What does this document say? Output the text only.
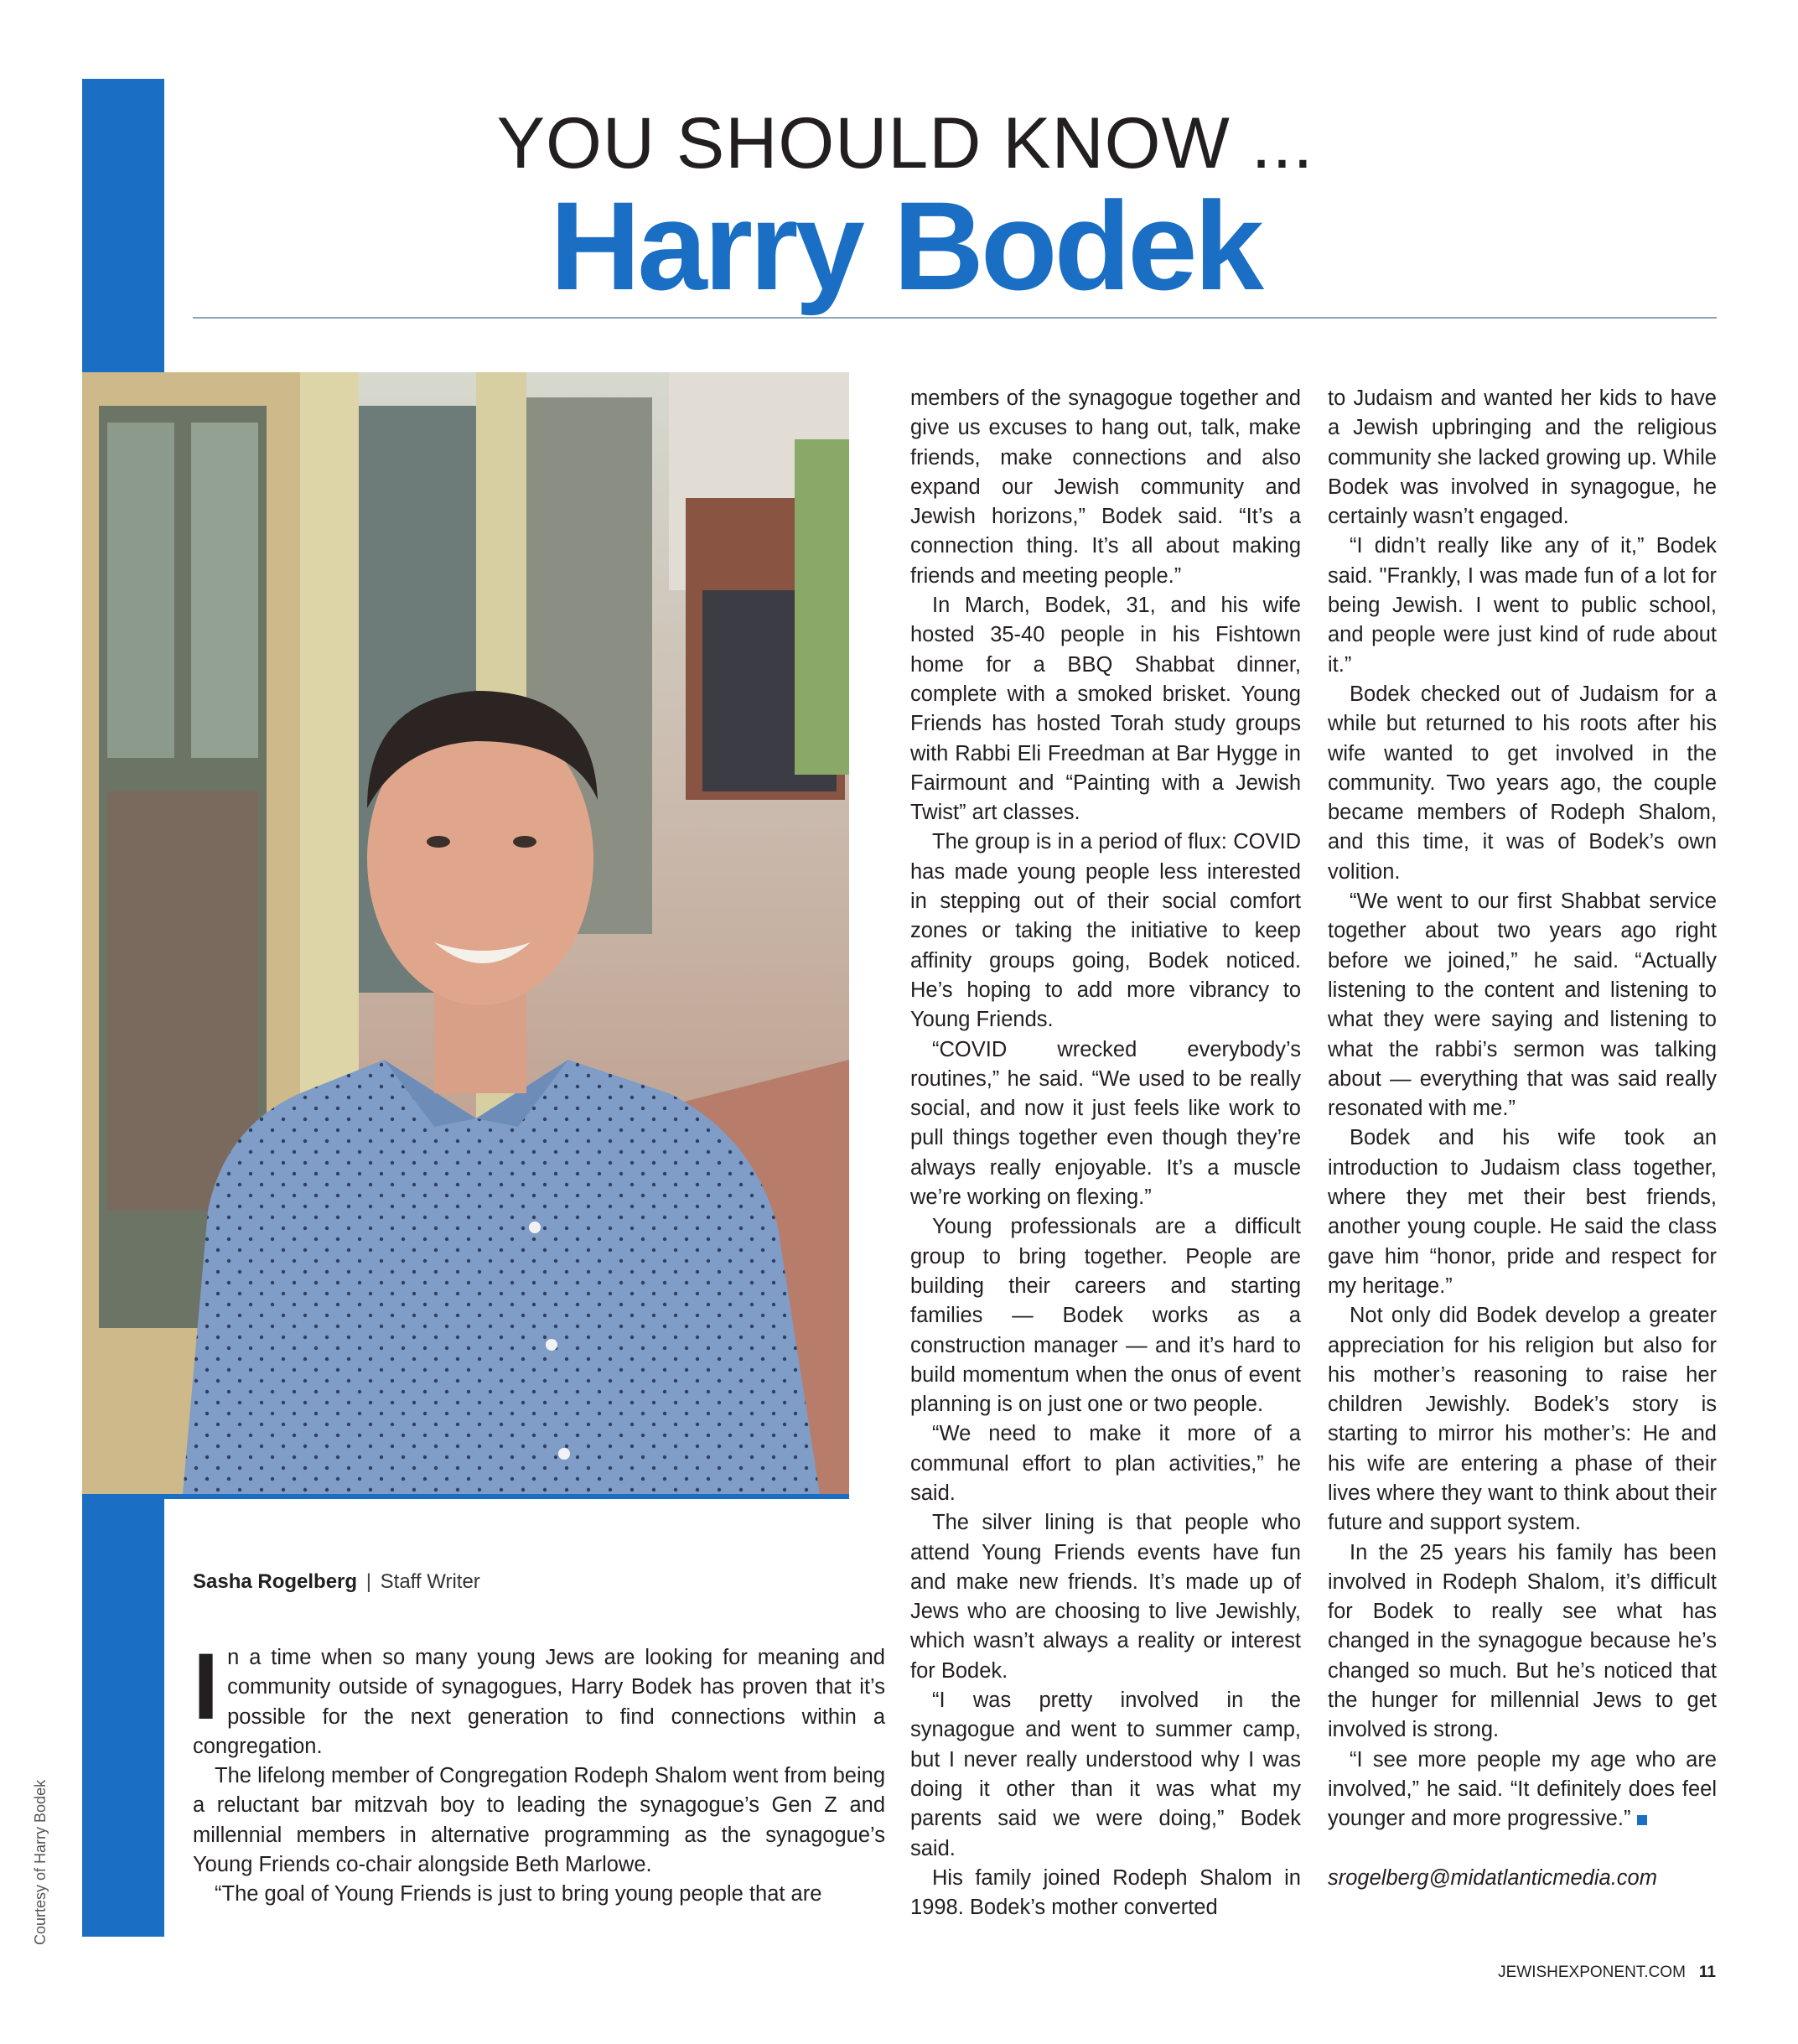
YOU SHOULD KNOW ...
Harry Bodek
Sasha Rogelberg | Staff Writer
Courtesy of Harry Bodek

In a time when so many young Jews are looking for meaning and community outside of synagogues, Harry Bodek has proven that it’s possible for the next generation to find connections within a congregation.

The lifelong member of Congregation Rodeph Shalom went from being a reluctant bar mitzvah boy to leading the synagogue’s Gen Z and millennial members in alternative programming as the synagogue’s Young Friends co-chair alongside Beth Marlowe.

“The goal of Young Friends is just to bring young people that are

members of the synagogue together and give us excuses to hang out, talk, make friends, make connections and also expand our Jewish community and Jewish horizons,” Bodek said. “It’s a connection thing. It’s all about making friends and meeting people.”

In March, Bodek, 31, and his wife hosted 35-40 people in his Fishtown home for a BBQ Shabbat dinner, complete with a smoked brisket. Young Friends has hosted Torah study groups with Rabbi Eli Freedman at Bar Hygge in Fairmount and “Painting with a Jewish Twist” art classes.

The group is in a period of flux: COVID has made young people less interested in stepping out of their social comfort zones or taking the initiative to keep affinity groups going, Bodek noticed. He’s hoping to add more vibrancy to Young Friends.

“COVID wrecked everybody’s routines,” he said. “We used to be really social, and now it just feels like work to pull things together even though they’re always really enjoyable. It’s a muscle we’re working on flexing.”

Young professionals are a difficult group to bring together. People are building their careers and starting families — Bodek works as a construction manager — and it’s hard to build momentum when the onus of event planning is on just one or two people.

“We need to make it more of a communal effort to plan activities,” he said.

The silver lining is that people who attend Young Friends events have fun and make new friends. It’s made up of Jews who are choosing to live Jewishly, which wasn’t always a reality or interest for Bodek.

“I was pretty involved in the synagogue and went to summer camp, but I never really understood why I was doing it other than it was what my parents said we were doing,” Bodek said.

His family joined Rodeph Shalom in 1998. Bodek’s mother converted

to Judaism and wanted her kids to have a Jewish upbringing and the religious community she lacked growing up. While Bodek was involved in synagogue, he certainly wasn’t engaged.

“I didn’t really like any of it,” Bodek said. "Frankly, I was made fun of a lot for being Jewish. I went to public school, and people were just kind of rude about it.”

Bodek checked out of Judaism for a while but returned to his roots after his wife wanted to get involved in the community. Two years ago, the couple became members of Rodeph Shalom, and this time, it was of Bodek’s own volition.

“We went to our first Shabbat service together about two years ago right before we joined,” he said. “Actually listening to the content and listening to what they were saying and listening to what the rabbi’s sermon was talking about — everything that was said really resonated with me.”

Bodek and his wife took an introduction to Judaism class together, where they met their best friends, another young couple. He said the class gave him “honor, pride and respect for my heritage.”

Not only did Bodek develop a greater appreciation for his religion but also for his mother’s reasoning to raise her children Jewishly. Bodek’s story is starting to mirror his mother’s: He and his wife are entering a phase of their lives where they want to think about their future and support system.

In the 25 years his family has been involved in Rodeph Shalom, it’s difficult for Bodek to really see what has changed in the synagogue because he’s changed so much. But he’s noticed that the hunger for millennial Jews to get involved is strong.

“I see more people my age who are involved,” he said. “It definitely does feel younger and more progressive.”

srogelberg@midatlanticmedia.com

JEWISHEXPONENT.COM 11
